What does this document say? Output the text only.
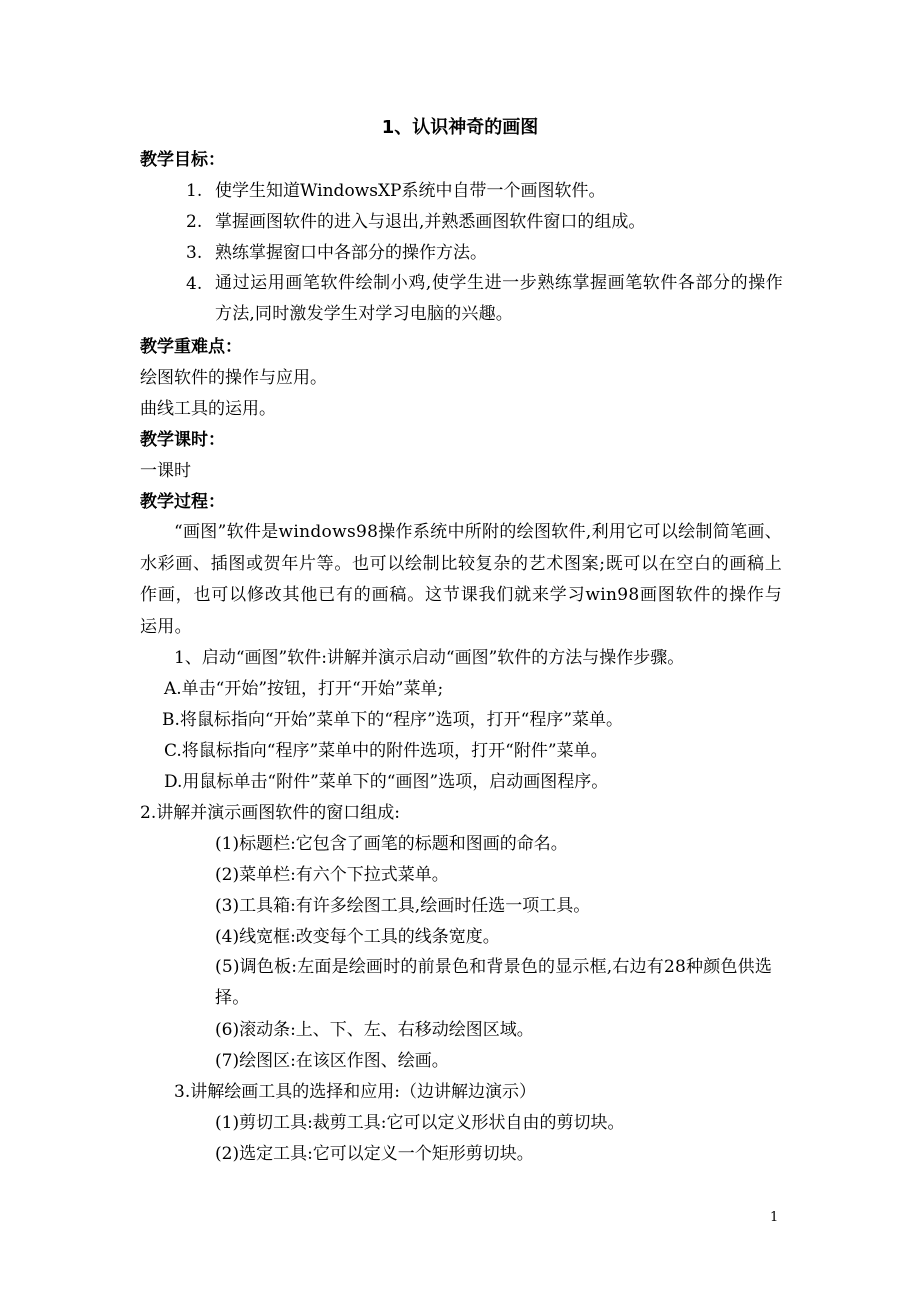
1、认识神奇的画图
教学目标：
1. 使学生知道WindowsXP系统中自带一个画图软件。
2. 掌握画图软件的进入与退出,并熟悉画图软件窗口的组成。
3. 熟练掌握窗口中各部分的操作方法。
4. 通过运用画笔软件绘制小鸡,使学生进一步熟练掌握画笔软件各部分的操作方法,同时激发学生对学习电脑的兴趣。

教学重难点：
绘图软件的操作与应用。
曲线工具的运用。
教学课时：
一课时
教学过程：

“画图”软件是windows98操作系统中所附的绘图软件,利用它可以绘制简笔画、水彩画、插图或贺年片等。也可以绘制比较复杂的艺术图案;既可以在空白的画稿上作画，也可以修改其他已有的画稿。这节课我们就来学习win98画图软件的操作与运用。

1、启动“画图”软件:讲解并演示启动“画图”软件的方法与操作步骤。
A.单击“开始”按钮，打开“开始”菜单;
B.将鼠标指向“开始”菜单下的“程序”选项，打开“程序”菜单。
C.将鼠标指向“程序”菜单中的附件选项，打开“附件”菜单。
D.用鼠标单击“附件”菜单下的“画图”选项，启动画图程序。
2.讲解并演示画图软件的窗口组成:
(1)标题栏:它包含了画笔的标题和图画的命名。
(2)菜单栏:有六个下拉式菜单。
(3)工具箱:有许多绘图工具,绘画时任选一项工具。
(4)线宽框:改变每个工具的线条宽度。

(5)调色板:左面是绘画时的前景色和背景色的显示框,右边有28种颜色供选择。

(6)滚动条:上、下、左、右移动绘图区域。
(7)绘图区:在该区作图、绘画。
3.讲解绘画工具的选择和应用:（边讲解边演示）
(1)剪切工具:裁剪工具:它可以定义形状自由的剪切块。
(2)选定工具:它可以定义一个矩形剪切块。
1
